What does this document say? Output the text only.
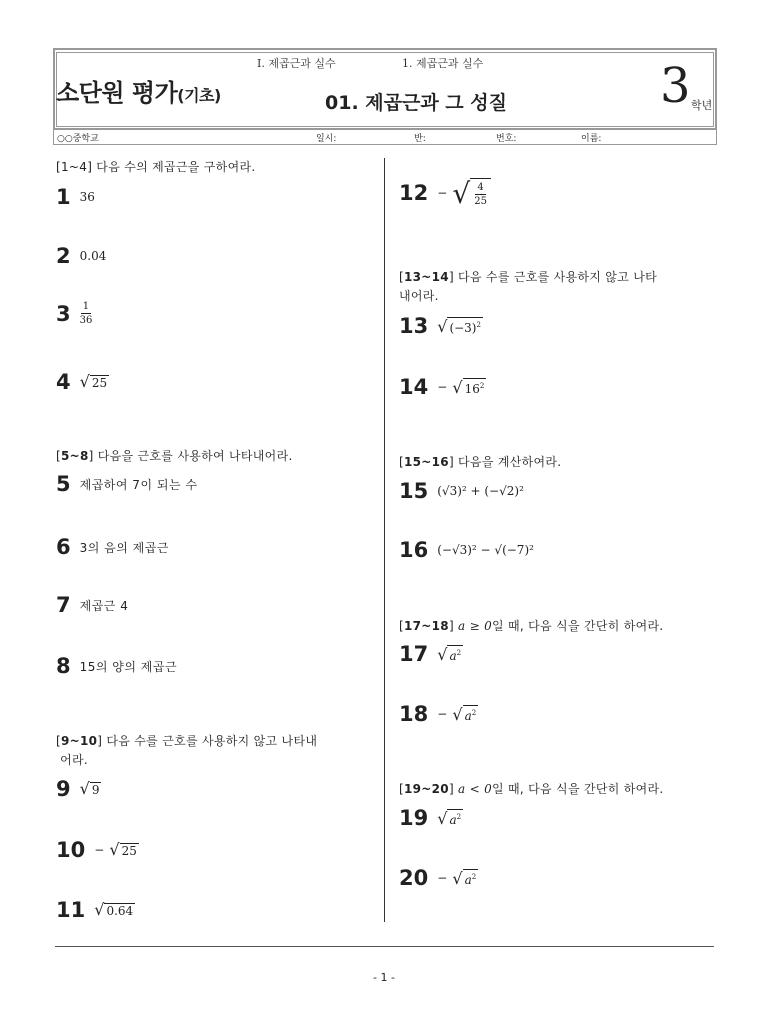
Ⅰ. 제곱근과 실수	1. 제곱근과 실수
소단원 평가(기초)	01. 제곱근과 그 성질	3 학년
○○중학교	일시:	반:	번호:	이름:
[1~4] 다음 수의 제곱근을 구하여라.
1 36
2 0.04
$3 \frac{1}{36}$
4 √ 25
[5~8] 다음을 근호를 사용하여 나타내어라.
5 제곱하여 7이 되는 수
6 3의 음의 제곱근
7 제곱근 4
8 15의 양의 제곱근
[9~10] 다음 수를 근호를 사용하지 않고 나타내
어라.
9 √ 9
10 −
√ 25
11 √ 0.64
12 −
√ $\frac{4}{25}$
[13~14] 다음 수를 근호를 사용하지 않고 나타
내어라.
13 √ $(-3)^2$
14 −
√ $16^2$
[15~16] 다음을 계산하여라.
15 (√3)² + (−√2)²
16 (−√3)² − √(−7)²
[17~18] a ≥ 0일 때, 다음 식을 간단히 하여라.
17 √ $a^2$
18 −
√ $a^2$
[19~20] a < 0일 때, 다음 식을 간단히 하여라.
19 √ $a^2$
20 −
√ $a^2$
- 1 -
